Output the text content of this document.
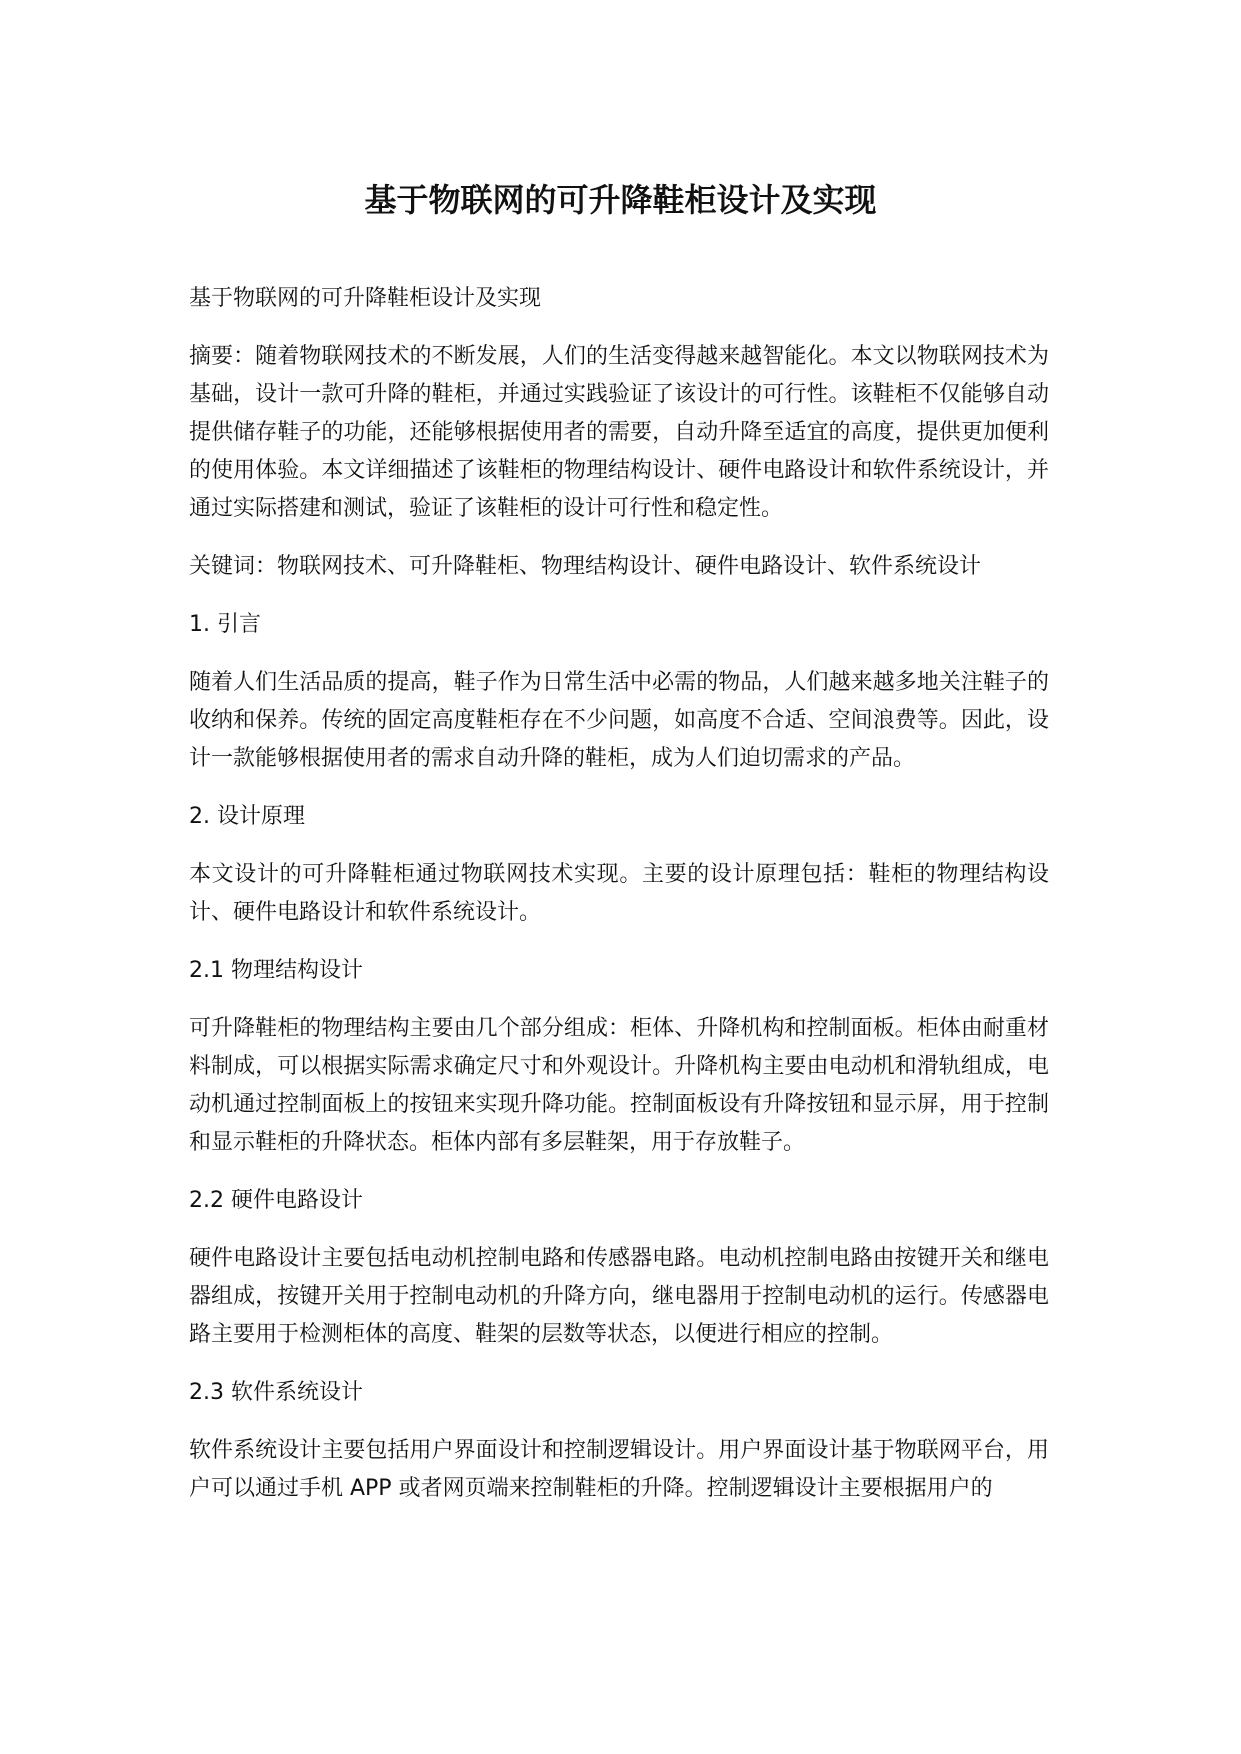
基于物联网的可升降鞋柜设计及实现

基于物联网的可升降鞋柜设计及实现

摘要：随着物联网技术的不断发展，人们的生活变得越来越智能化。本文以物联网技术为基础，设计一款可升降的鞋柜，并通过实践验证了该设计的可行性。该鞋柜不仅能够自动提供储存鞋子的功能，还能够根据使用者的需要，自动升降至适宜的高度，提供更加便利的使用体验。本文详细描述了该鞋柜的物理结构设计、硬件电路设计和软件系统设计，并通过实际搭建和测试，验证了该鞋柜的设计可行性和稳定性。

关键词：物联网技术、可升降鞋柜、物理结构设计、硬件电路设计、软件系统设计

1. 引言

随着人们生活品质的提高，鞋子作为日常生活中必需的物品，人们越来越多地关注鞋子的收纳和保养。传统的固定高度鞋柜存在不少问题，如高度不合适、空间浪费等。因此，设计一款能够根据使用者的需求自动升降的鞋柜，成为人们迫切需求的产品。

2. 设计原理

本文设计的可升降鞋柜通过物联网技术实现。主要的设计原理包括：鞋柜的物理结构设计、硬件电路设计和软件系统设计。

2.1 物理结构设计

可升降鞋柜的物理结构主要由几个部分组成：柜体、升降机构和控制面板。柜体由耐重材料制成，可以根据实际需求确定尺寸和外观设计。升降机构主要由电动机和滑轨组成，电动机通过控制面板上的按钮来实现升降功能。控制面板设有升降按钮和显示屏，用于控制和显示鞋柜的升降状态。柜体内部有多层鞋架，用于存放鞋子。

2.2 硬件电路设计

硬件电路设计主要包括电动机控制电路和传感器电路。电动机控制电路由按键开关和继电器组成，按键开关用于控制电动机的升降方向，继电器用于控制电动机的运行。传感器电路主要用于检测柜体的高度、鞋架的层数等状态，以便进行相应的控制。

2.3 软件系统设计

软件系统设计主要包括用户界面设计和控制逻辑设计。用户界面设计基于物联网平台，用户可以通过手机 APP 或者网页端来控制鞋柜的升降。控制逻辑设计主要根据用户的
